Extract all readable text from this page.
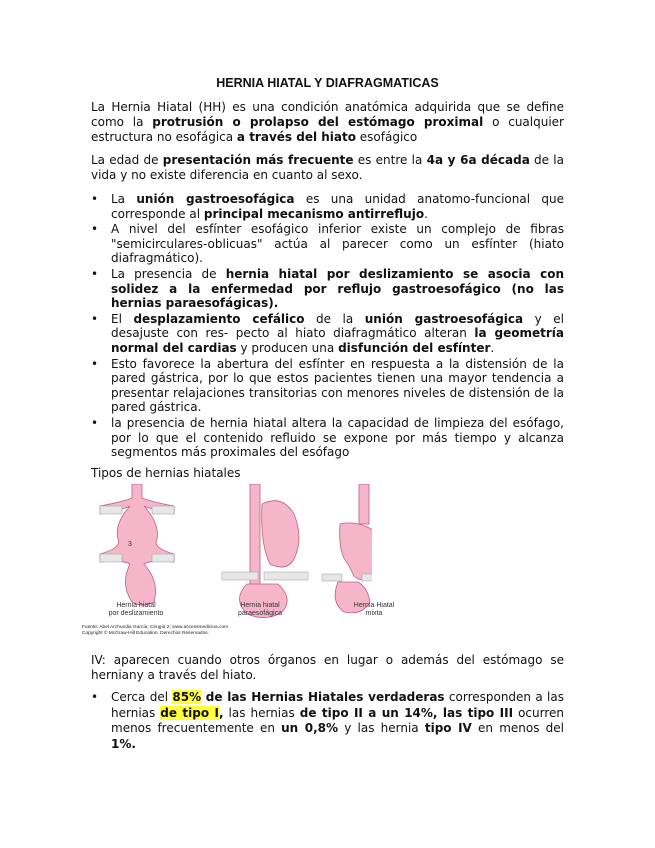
HERNIA HIATAL Y DIAFRAGMATICAS

La Hernia Hiatal (HH) es una condición anatómica adquirida que se define como la protrusión o prolapso del estómago proximal o cualquier estructura no esofágica a través del hiato esofágico

La edad de presentación más frecuente es entre la 4a y 6a década de la vida y no existe diferencia en cuanto al sexo.

• La unión gastroesofágica es una unidad anatomo-funcional que corresponde al principal mecanismo antirreflujo.
• A nivel del esfínter esofágico inferior existe un complejo de fibras "semicirculares-oblicuas" actúa al parecer como un esfínter (hiato diafragmático).
• La presencia de hernia hiatal por deslizamiento se asocia con solidez a la enfermedad por reflujo gastroesofágico (no las hernias paraesofágicas).
• El desplazamiento cefálico de la unión gastroesofágica y el desajuste con res- pecto al hiato diafragmático alteran la geometría normal del cardias y producen una disfunción del esfínter.
• Esto favorece la abertura del esfínter en respuesta a la distensión de la pared gástrica, por lo que estos pacientes tienen una mayor tendencia a presentar relajaciones transitorias con menores niveles de distensión de la pared gástrica.
• la presencia de hernia hiatal altera la capacidad de limpieza del esófago, por lo que el contenido refluido se expone por más tiempo y alcanza segmentos más proximales del esófago
Tipos de hernias hiatales
3
Hernia hiatal
por deslizamiento
Hernia hiatal
paraesofágica
Hernia Hiatal
mixta
Fuente: Abel Archundia García; Cirugía 2; www.accessmedicina.com
Copyright © McGraw-Hill Education. Derechos Reservados.
IV: aparecen cuando otros órganos en lugar o además del estómago se herniany a través del hiato.
• Cerca del 85% de las Hernias Hiatales verdaderas corresponden a las hernias de tipo I, las hernias de tipo II a un 14%, las tipo III ocurren menos frecuentemente en un 0,8% y las hernia tipo IV en menos del 1%.
